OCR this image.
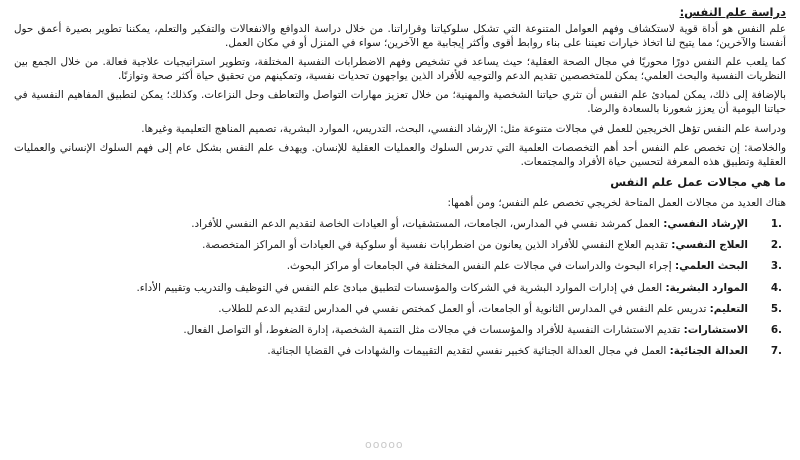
دراسة علم النفس:

علم النفس هو أداة قوية لاستكشاف وفهم العوامل المتنوعة التي تشكل سلوكياتنا وقراراتنا. من خلال دراسة الدوافع والانفعالات والتفكير والتعلم، يمكننا تطوير بصيرة أعمق حول أنفسنا والآخرين؛ مما يتيح لنا اتخاذ خيارات تعيننا على بناء روابط أقوى وأكثر إيجابية مع الآخرين؛ سواء في المنزل أو في مكان العمل.

كما يلعب علم النفس دورًا محوريًا في مجال الصحة العقلية؛ حيث يساعد في تشخيص وفهم الاضطرابات النفسية المختلفة، وتطوير استراتيجيات علاجية فعالة. من خلال الجمع بين النظريات النفسية والبحث العلمي؛ يمكن للمتخصصين تقديم الدعم والتوجيه للأفراد الذين يواجهون تحديات نفسية، وتمكينهم من تحقيق حياة أكثر صحة وتوازنًا.

بالإضافة إلى ذلك، يمكن لمبادئ علم النفس أن تثري حياتنا الشخصية والمهنية؛ من خلال تعزيز مهارات التواصل والتعاطف وحل النزاعات. وكذلك؛ يمكن لتطبيق المفاهيم النفسية في حياتنا اليومية أن يعزز شعورنا بالسعادة والرضا.

ودراسة علم النفس تؤهل الخريجين للعمل في مجالات متنوعة مثل: الإرشاد النفسي، البحث، التدريس، الموارد البشرية، تصميم المناهج التعليمية وغيرها.

والخلاصة: إن تخصص علم النفس أحد أهم التخصصات العلمية التي تدرس السلوك والعمليات العقلية للإنسان. ويهدف علم النفس بشكل عام إلى فهم السلوك الإنساني والعمليات العقلية وتطبيق هذه المعرفة لتحسين حياة الأفراد والمجتمعات.

ما هي مجالات عمل علم النفس

هناك العديد من مجالات العمل المتاحة لخريجي تخصص علم النفس؛ ومن أهمها:

1.
الإرشاد النفسي: العمل كمرشد نفسي في المدارس، الجامعات، المستشفيات، أو العيادات الخاصة لتقديم الدعم النفسي للأفراد.
2.
العلاج النفسي: تقديم العلاج النفسي للأفراد الذين يعانون من اضطرابات نفسية أو سلوكية في العيادات أو المراكز المتخصصة.
3.
البحث العلمي: إجراء البحوث والدراسات في مجالات علم النفس المختلفة في الجامعات أو مراكز البحوث.
4.
الموارد البشرية: العمل في إدارات الموارد البشرية في الشركات والمؤسسات لتطبيق مبادئ علم النفس في التوظيف والتدريب وتقييم الأداء.
5.
التعليم: تدريس علم النفس في المدارس الثانوية أو الجامعات، أو العمل كمختص نفسي في المدارس لتقديم الدعم للطلاب.
6.
الاستشارات: تقديم الاستشارات النفسية للأفراد والمؤسسات في مجالات مثل التنمية الشخصية، إدارة الضغوط، أو التواصل الفعال.
7.
العدالة الجنائية: العمل في مجال العدالة الجنائية كخبير نفسي لتقديم التقييمات والشهادات في القضايا الجنائية.
ooooo
